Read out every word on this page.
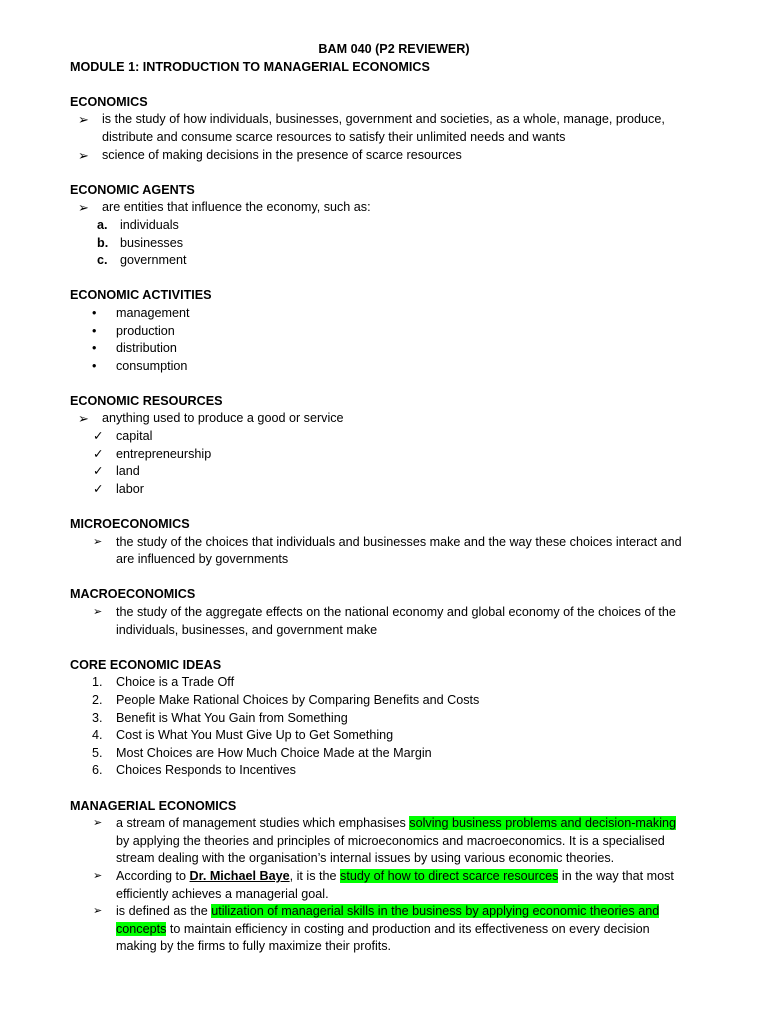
BAM 040 (P2 REVIEWER)
MODULE 1: INTRODUCTION TO MANAGERIAL ECONOMICS
ECONOMICS
➢ is the study of how individuals, businesses, government and societies, as a whole, manage, produce,
distribute and consume scarce resources to satisfy their unlimited needs and wants
➢ science of making decisions in the presence of scarce resources
ECONOMIC AGENTS
➢ are entities that influence the economy, such as:
a. individuals
b. businesses
c. government
ECONOMIC ACTIVITIES
• management
• production
• distribution
• consumption
ECONOMIC RESOURCES
➢ anything used to produce a good or service
✓ capital
✓ entrepreneurship
✓ land
✓ labor
MICROECONOMICS
➢ the study of the choices that individuals and businesses make and the way these choices interact and
are influenced by governments
MACROECONOMICS
➢ the study of the aggregate effects on the national economy and global economy of the choices of the
individuals, businesses, and government make
CORE ECONOMIC IDEAS
1. Choice is a Trade Off
2. People Make Rational Choices by Comparing Benefits and Costs
3. Benefit is What You Gain from Something
4. Cost is What You Must Give Up to Get Something
5. Most Choices are How Much Choice Made at the Margin
6. Choices Responds to Incentives
MANAGERIAL ECONOMICS
➢ a stream of management studies which emphasises solving business problems and decision-making
by applying the theories and principles of microeconomics and macroeconomics. It is a specialised
stream dealing with the organisation’s internal issues by using various economic theories.
➢ According to Dr. Michael Baye, it is the study of how to direct scarce resources in the way that most
efficiently achieves a managerial goal.
➢ is defined as the utilization of managerial skills in the business by applying economic theories and
concepts to maintain efficiency in costing and production and its effectiveness on every decision
making by the firms to fully maximize their profits.
